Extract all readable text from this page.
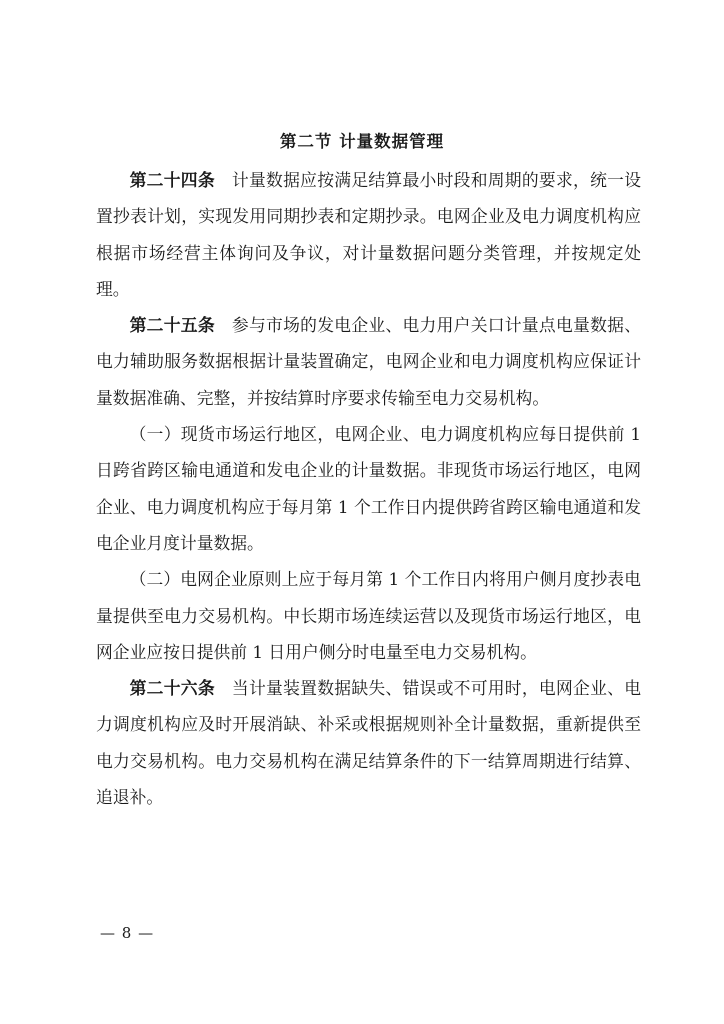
第二节 计量数据管理

第二十四条  计量数据应按满足结算最小时段和周期的要求，统一设置抄表计划，实现发用同期抄表和定期抄录。电网企业及电力调度机构应根据市场经营主体询问及争议，对计量数据问题分类管理，并按规定处理。

第二十五条  参与市场的发电企业、电力用户关口计量点电量数据、电力辅助服务数据根据计量装置确定，电网企业和电力调度机构应保证计量数据准确、完整，并按结算时序要求传输至电力交易机构。

（一）现货市场运行地区，电网企业、电力调度机构应每日提供前 1 日跨省跨区输电通道和发电企业的计量数据。非现货市场运行地区，电网企业、电力调度机构应于每月第 1 个工作日内提供跨省跨区输电通道和发电企业月度计量数据。

（二）电网企业原则上应于每月第 1 个工作日内将用户侧月度抄表电量提供至电力交易机构。中长期市场连续运营以及现货市场运行地区，电网企业应按日提供前 1 日用户侧分时电量至电力交易机构。

第二十六条  当计量装置数据缺失、错误或不可用时，电网企业、电力调度机构应及时开展消缺、补采或根据规则补全计量数据，重新提供至电力交易机构。电力交易机构在满足结算条件的下一结算周期进行结算、追退补。

— 8 —
